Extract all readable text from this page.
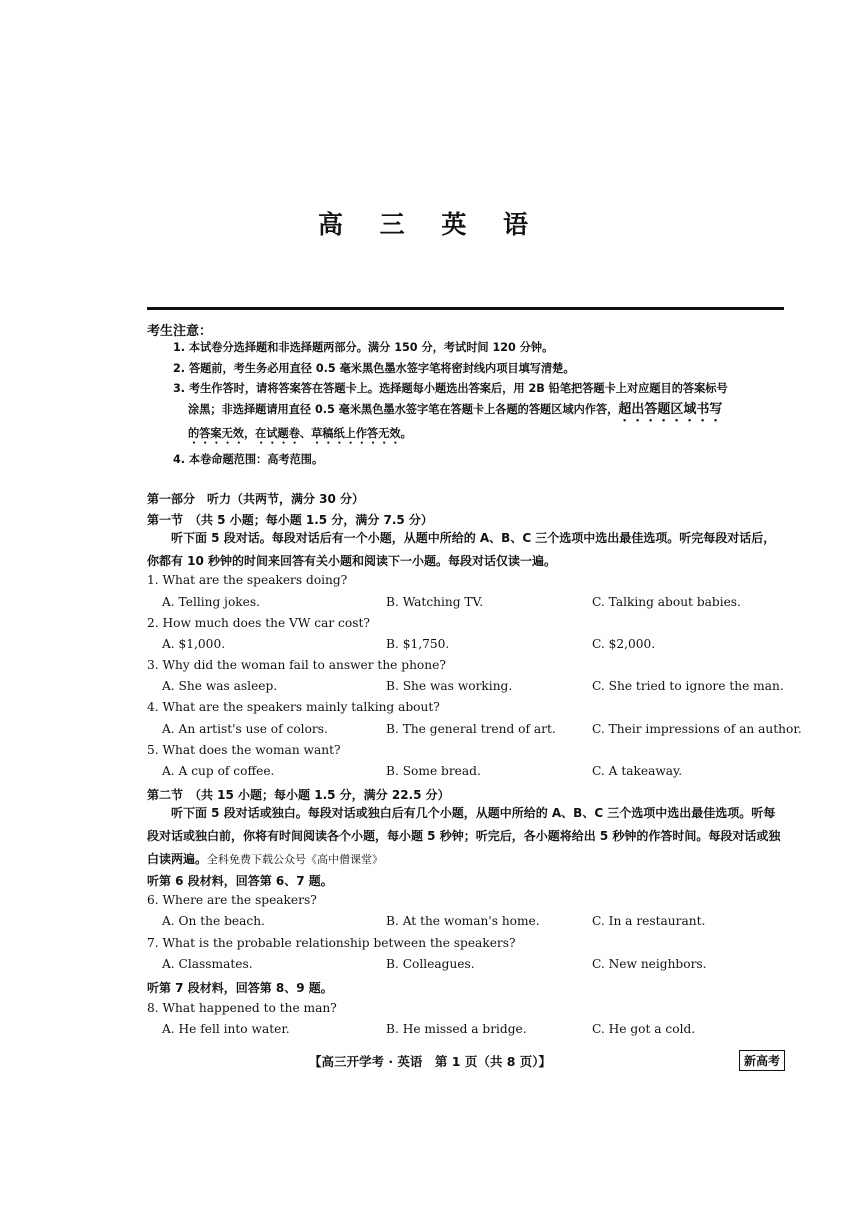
高 三 英 语
考生注意：
1. 本试卷分选择题和非选择题两部分。满分 150 分，考试时间 120 分钟。
2. 答题前，考生务必用直径 0.5 毫米黑色墨水签字笔将密封线内项目填写清楚。
3. 考生作答时，请将答案答在答题卡上。选择题每小题选出答案后，用 2B 铅笔把答题卡上对应题目的答案标号
涂黑；非选择题请用直径 0.5 毫米黑色墨水签字笔在答题卡上各题的答题区域内作答，超出答题区域书写
的答案无效，在试题卷、草稿纸上作答无效。
4. 本卷命题范围：高考范围。
第一部分　听力（共两节，满分 30 分）
第一节　（共 5 小题；每小题 1.5 分，满分 7.5 分）
听下面 5 段对话。每段对话后有一个小题，从题中所给的 A、B、C 三个选项中选出最佳选项。听完每段对话后，你都有 10 秒钟的时间来回答有关小题和阅读下一小题。每段对话仅读一遍。
1. What are the speakers doing?
A. Telling jokes.	B. Watching TV.	C. Talking about babies.
2. How much does the VW car cost?
A. $1,000.	B. $1,750.	C. $2,000.
3. Why did the woman fail to answer the phone?
A. She was asleep.	B. She was working.	C. She tried to ignore the man.
4. What are the speakers mainly talking about?
A. An artist's use of colors.	B. The general trend of art.	C. Their impressions of an author.
5. What does the woman want?
A. A cup of coffee.	B. Some bread.	C. A takeaway.
第二节　（共 15 小题；每小题 1.5 分，满分 22.5 分）
听下面 5 段对话或独白。每段对话或独白后有几个小题，从题中所给的 A、B、C 三个选项中选出最佳选项。听每段对话或独白前，你将有时间阅读各个小题，每小题 5 秒钟；听完后，各小题将给出 5 秒钟的作答时间。每段对话或独白读两遍。全科免费下载公众号《高中僧课堂》
听第 6 段材料，回答第 6、7 题。
6. Where are the speakers?
A. On the beach.	B. At the woman's home.	C. In a restaurant.
7. What is the probable relationship between the speakers?
A. Classmates.	B. Colleagues.	C. New neighbors.
听第 7 段材料，回答第 8、9 题。
8. What happened to the man?
A. He fell into water.	B. He missed a bridge.	C. He got a cold.
【高三开学考 · 英语　第 1 页（共 8 页）】	新高考
